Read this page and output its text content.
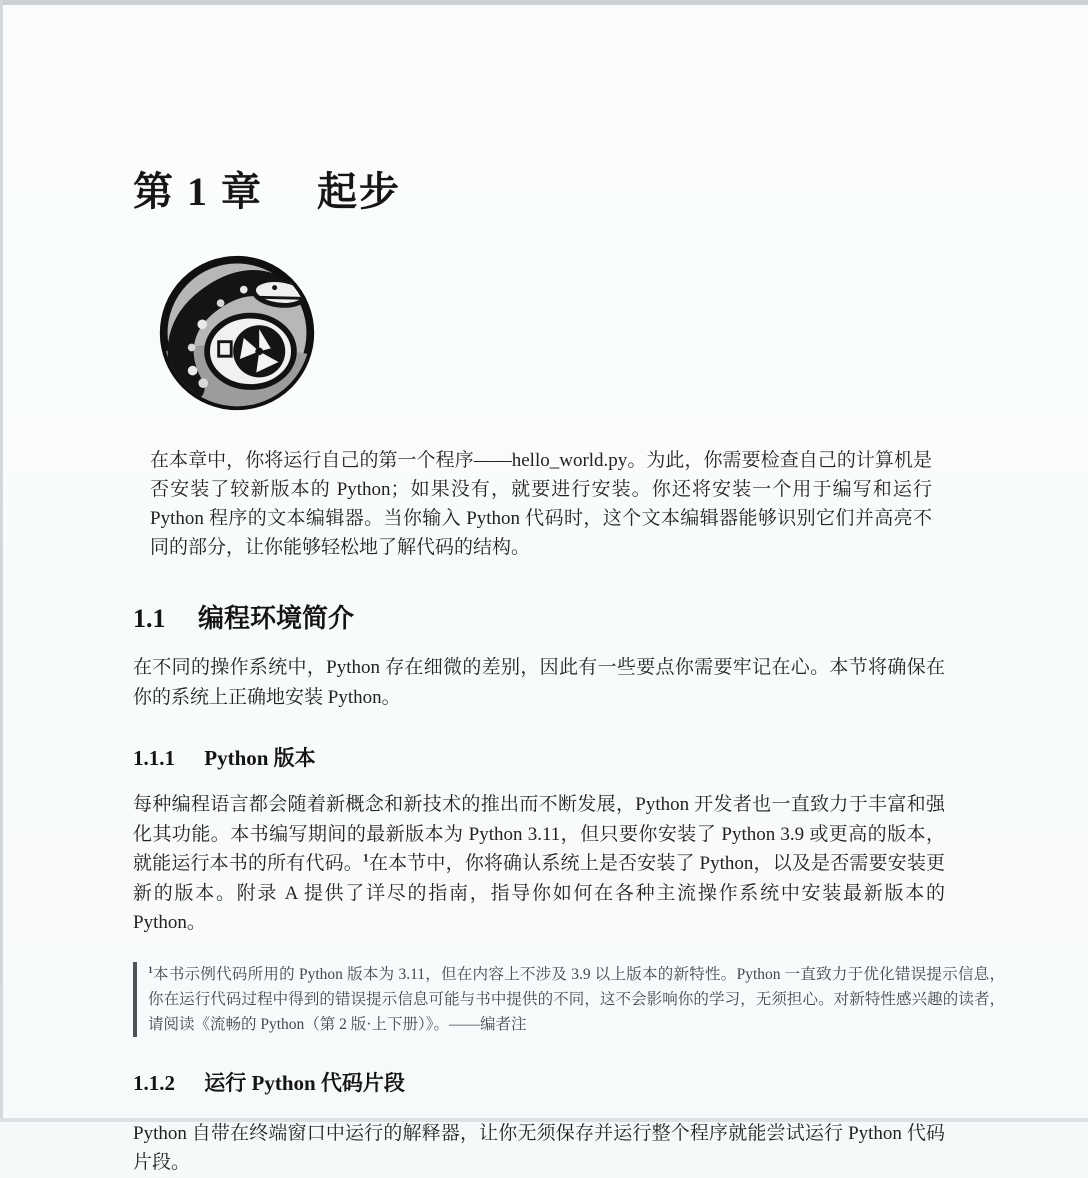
第 1 章 起步

在本章中，你将运行自己的第一个程序——hello_world.py。为此，你需要检查自己的计算机是否安装了较新版本的 Python；如果没有，就要进行安装。你还将安装一个用于编写和运行 Python 程序的文本编辑器。当你输入 Python 代码时，这个文本编辑器能够识别它们并高亮不同的部分，让你能够轻松地了解代码的结构。

1.1 编程环境简介

在不同的操作系统中，Python 存在细微的差别，因此有一些要点你需要牢记在心。本节将确保在你的系统上正确地安装 Python。

1.1.1 Python 版本

每种编程语言都会随着新概念和新技术的推出而不断发展，Python 开发者也一直致力于丰富和强化其功能。本书编写期间的最新版本为 Python 3.11，但只要你安装了 Python 3.9 或更高的版本，就能运行本书的所有代码。$^1$在本节中，你将确认系统上是否安装了 Python，以及是否需要安装更新的版本。附录 A 提供了详尽的指南，指导你如何在各种主流操作系统中安装最新版本的 Python。

$^1$本书示例代码所用的 Python 版本为 3.11，但在内容上不涉及 3.9 以上版本的新特性。Python 一直致力于优化错误提示信息，你在运行代码过程中得到的错误提示信息可能与书中提供的不同，这不会影响你的学习，无须担心。对新特性感兴趣的读者，请阅读《流畅的 Python（第 2 版·上下册）》。——编者注
1.1.2 运行 Python 代码片段

Python 自带在终端窗口中运行的解释器，让你无须保存并运行整个程序就能尝试运行 Python 代码片段。
